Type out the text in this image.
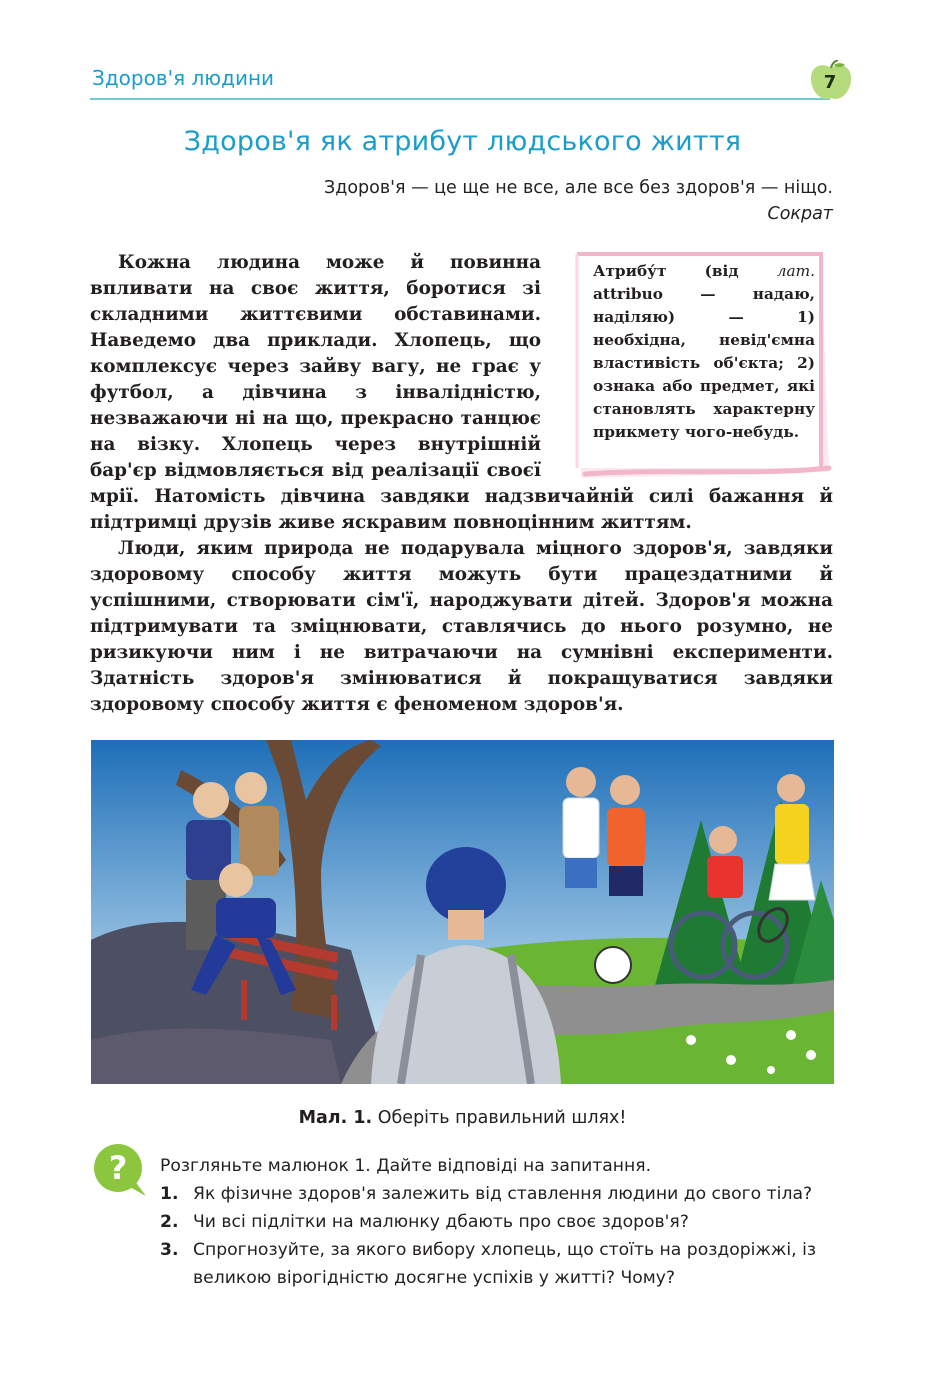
Здоров'я людини	7
Здоров'я як атрибут людського життя
Здоров'я — це ще не все, але все без здоров'я — ніщо.
Сократ
Атрибу́т (від лат. attribuo — надаю, наділяю) — 1) необхідна, невід'ємна властивість об'єкта; 2) ознака або предмет, які становлять характерну прикмету чого-небудь.

Кожна людина може й повинна впливати на своє життя, боротися зі складними життєвими обставинами. Наведемо два приклади. Хлопець, що комплексує через зайву вагу, не грає у футбол, а дівчина з інвалідністю, незважаючи ні на що, прекрасно танцює на візку. Хлопець через внутрішній бар'єр відмовляється від реалізації своєї мрії. Натомість дівчина завдяки надзвичайній силі бажання й підтримці друзів живе яскравим повноцінним життям.

Люди, яким природа не подарувала міцного здоров'я, завдяки здоровому способу життя можуть бути працездатними й успішними, створювати сім'ї, народжувати дітей. Здоров'я можна підтримувати та зміцнювати, ставлячись до нього розумно, не ризикуючи ним і не витрачаючи на сумнівні експерименти. Здатність здоров'я змінюватися й покращуватися завдяки здоровому способу життя є феноменом здоров'я.

Мал. 1. Оберіть правильний шлях!
? Розгляньте малюнок 1. Дайте відповіді на запитання.

1. Як фізичне здоров'я залежить від ставлення людини до свого тіла?
2. Чи всі підлітки на малюнку дбають про своє здоров'я?
3. Спрогнозуйте, за якого вибору хлопець, що стоїть на роздоріжжі, із великою вірогідністю досягне успіхів у житті? Чому?
